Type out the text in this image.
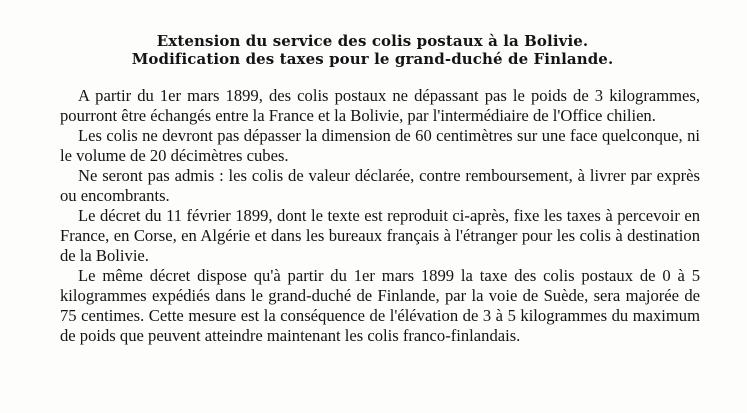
Extension du service des colis postaux à la Bolivie.
Modification des taxes pour le grand-duché de Finlande.

A partir du 1er mars 1899, des colis postaux ne dépassant pas le poids de 3 kilogrammes, pourront être échangés entre la France et la Bolivie, par l'intermédiaire de l'Office chilien.

Les colis ne devront pas dépasser la dimension de 60 centimètres sur une face quelconque, ni le volume de 20 décimètres cubes.

Ne seront pas admis : les colis de valeur déclarée, contre remboursement, à livrer par exprès ou encombrants.

Le décret du 11 février 1899, dont le texte est reproduit ci-après, fixe les taxes à percevoir en France, en Corse, en Algérie et dans les bureaux français à l'étranger pour les colis à destination de la Bolivie.

Le même décret dispose qu'à partir du 1er mars 1899 la taxe des colis postaux de 0 à 5 kilogrammes expédiés dans le grand-duché de Finlande, par la voie de Suède, sera majorée de 75 centimes. Cette mesure est la conséquence de l'élévation de 3 à 5 kilogrammes du maximum de poids que peuvent atteindre maintenant les colis franco-finlandais.
